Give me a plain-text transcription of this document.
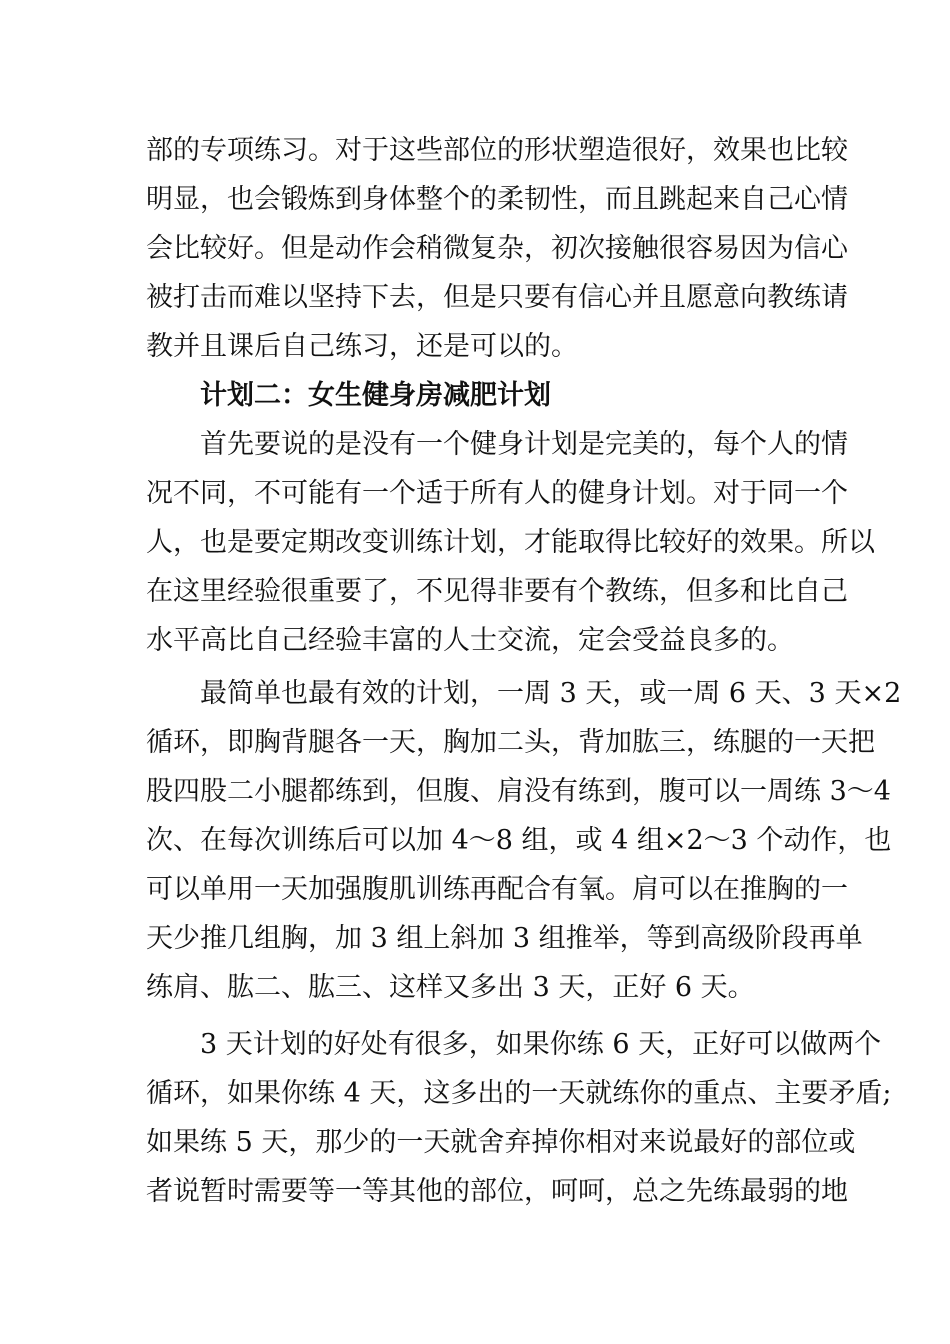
部的专项练习。对于这些部位的形状塑造很好，效果也比较
明显，也会锻炼到身体整个的柔韧性，而且跳起来自己心情
会比较好。但是动作会稍微复杂，初次接触很容易因为信心
被打击而难以坚持下去，但是只要有信心并且愿意向教练请
教并且课后自己练习，还是可以的。
计划二：女生健身房减肥计划
首先要说的是没有一个健身计划是完美的，每个人的情
况不同，不可能有一个适于所有人的健身计划。对于同一个
人，也是要定期改变训练计划，才能取得比较好的效果。所以
在这里经验很重要了，不见得非要有个教练，但多和比自己
水平高比自己经验丰富的人士交流，定会受益良多的。
最简单也最有效的计划，一周 3 天，或一周 6 天、3 天×2
循环，即胸背腿各一天，胸加二头，背加肱三，练腿的一天把
股四股二小腿都练到，但腹、肩没有练到，腹可以一周练 3～4
次、在每次训练后可以加 4～8 组，或 4 组×2～3 个动作，也
可以单用一天加强腹肌训练再配合有氧。肩可以在推胸的一
天少推几组胸，加 3 组上斜加 3 组推举，等到高级阶段再单
练肩、肱二、肱三、这样又多出 3 天，正好 6 天。
3 天计划的好处有很多，如果你练 6 天，正好可以做两个
循环，如果你练 4 天，这多出的一天就练你的重点、主要矛盾;
如果练 5 天，那少的一天就舍弃掉你相对来说最好的部位或
者说暂时需要等一等其他的部位，呵呵，总之先练最弱的地
